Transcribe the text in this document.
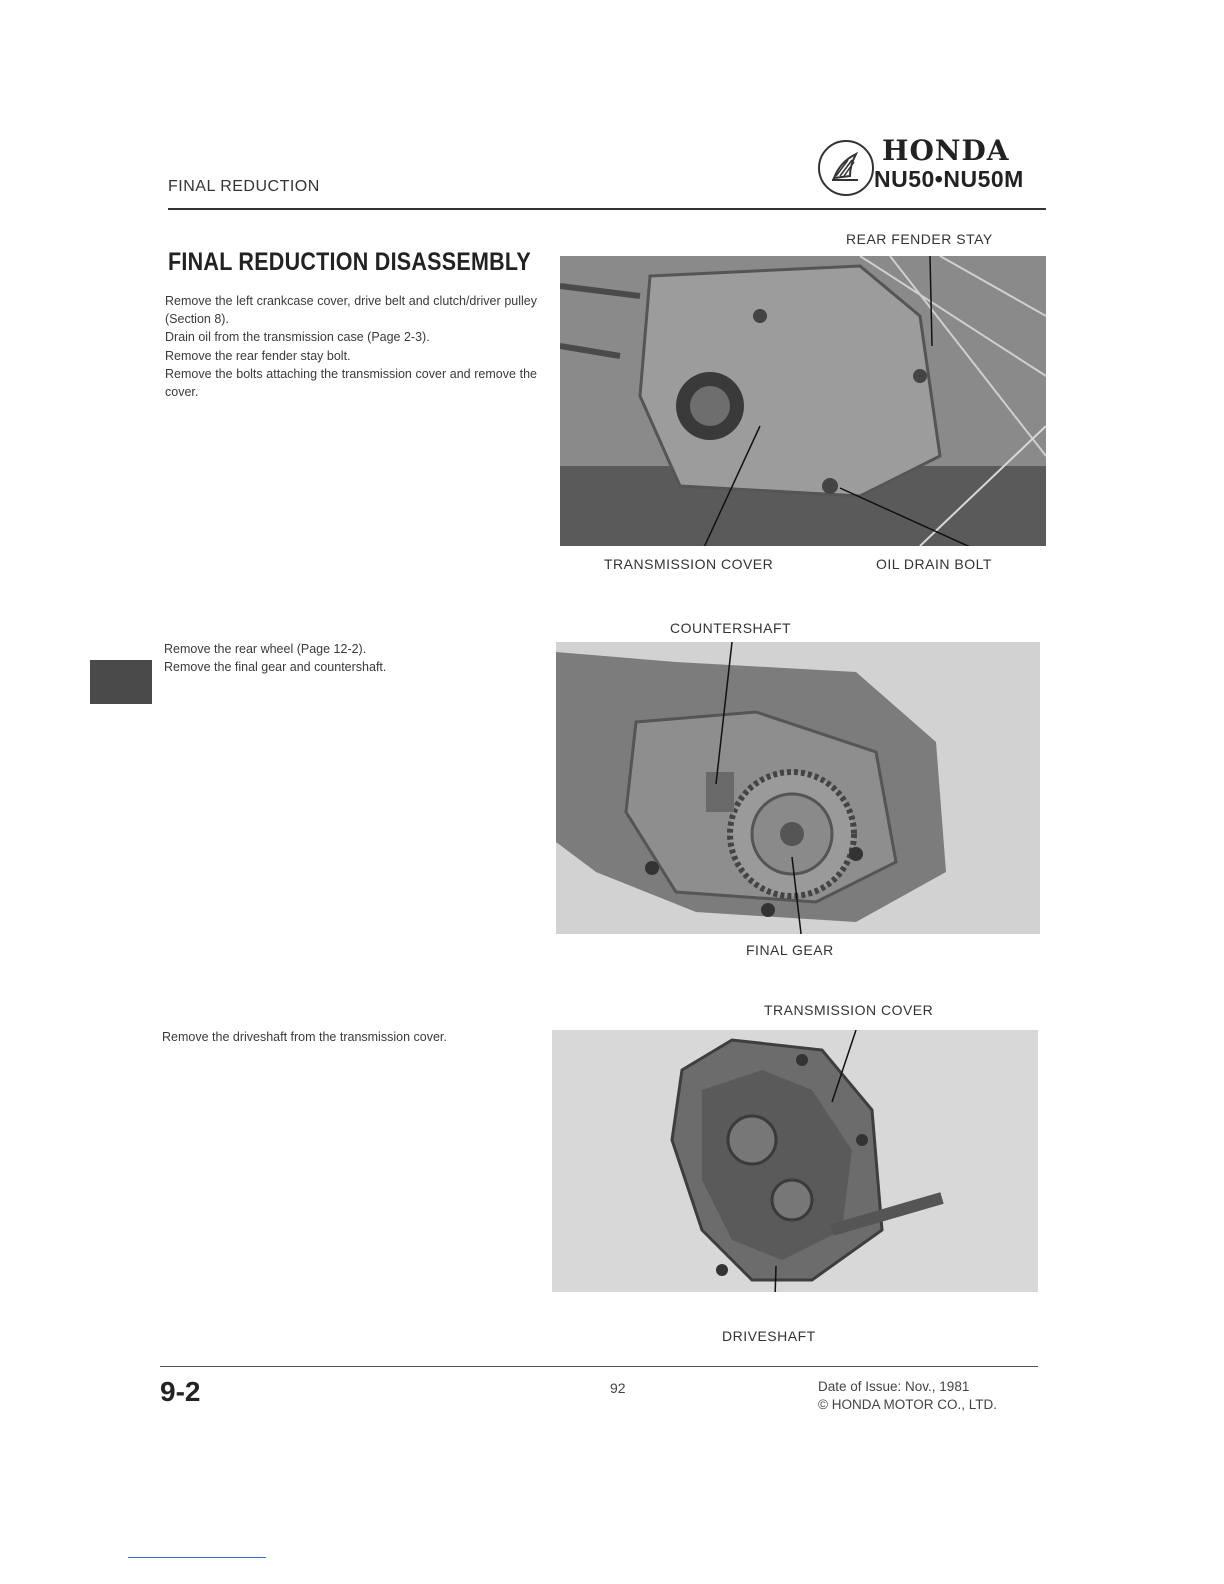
FINAL REDUCTION
HONDA
NU50•NU50M
FINAL REDUCTION DISASSEMBLY
Remove the left crankcase cover, drive belt and clutch/driver pulley (Section 8).
Drain oil from the transmission case (Page 2-3).
Remove the rear fender stay bolt.
Remove the bolts attaching the transmission cover and remove the cover.
Remove the rear wheel (Page 12-2).
Remove the final gear and countershaft.
Remove the driveshaft from the transmission cover.
REAR FENDER STAY
TRANSMISSION COVER	OIL DRAIN BOLT
COUNTERSHAFT
FINAL GEAR
TRANSMISSION COVER
DRIVESHAFT
9-2	92	Date of Issue: Nov., 1981
© HONDA MOTOR CO., LTD.
